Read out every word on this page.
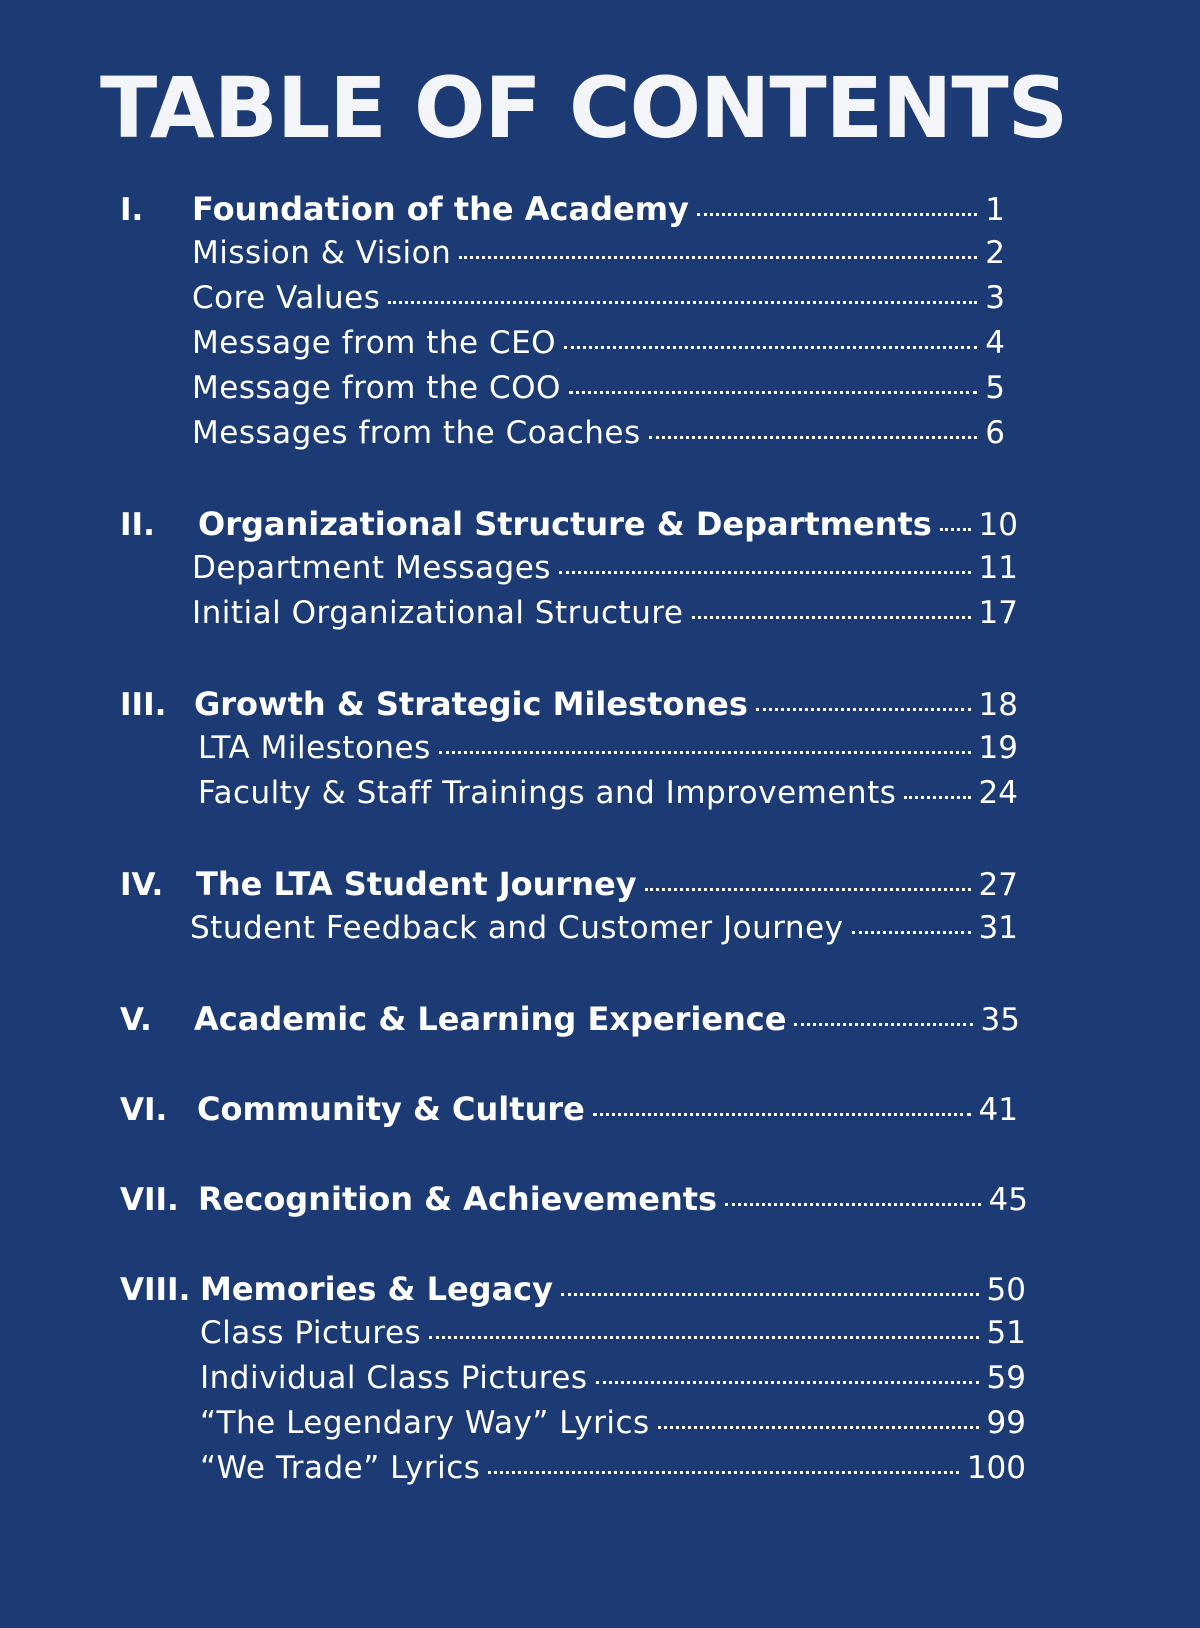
TABLE OF CONTENTS
I. Foundation of the Academy	1
Mission & Vision	2
Core Values	3
Message from the CEO	4
Message from the COO	5
Messages from the Coaches	6
II. Organizational Structure & Departments 10
Department Messages	11
Initial Organizational Structure	17
III. Growth & Strategic Milestones	18
LTA Milestones	19
Faculty & Staff Trainings and Improvements	24
IV. The LTA Student Journey	27
Student Feedback and Customer Journey	31
V. Academic & Learning Experience	35
VI. Community & Culture	41
VII. Recognition & Achievements	45
VIII. Memories & Legacy	50
Class Pictures	51
Individual Class Pictures	59
“The Legendary Way” Lyrics	99
“We Trade” Lyrics	100
